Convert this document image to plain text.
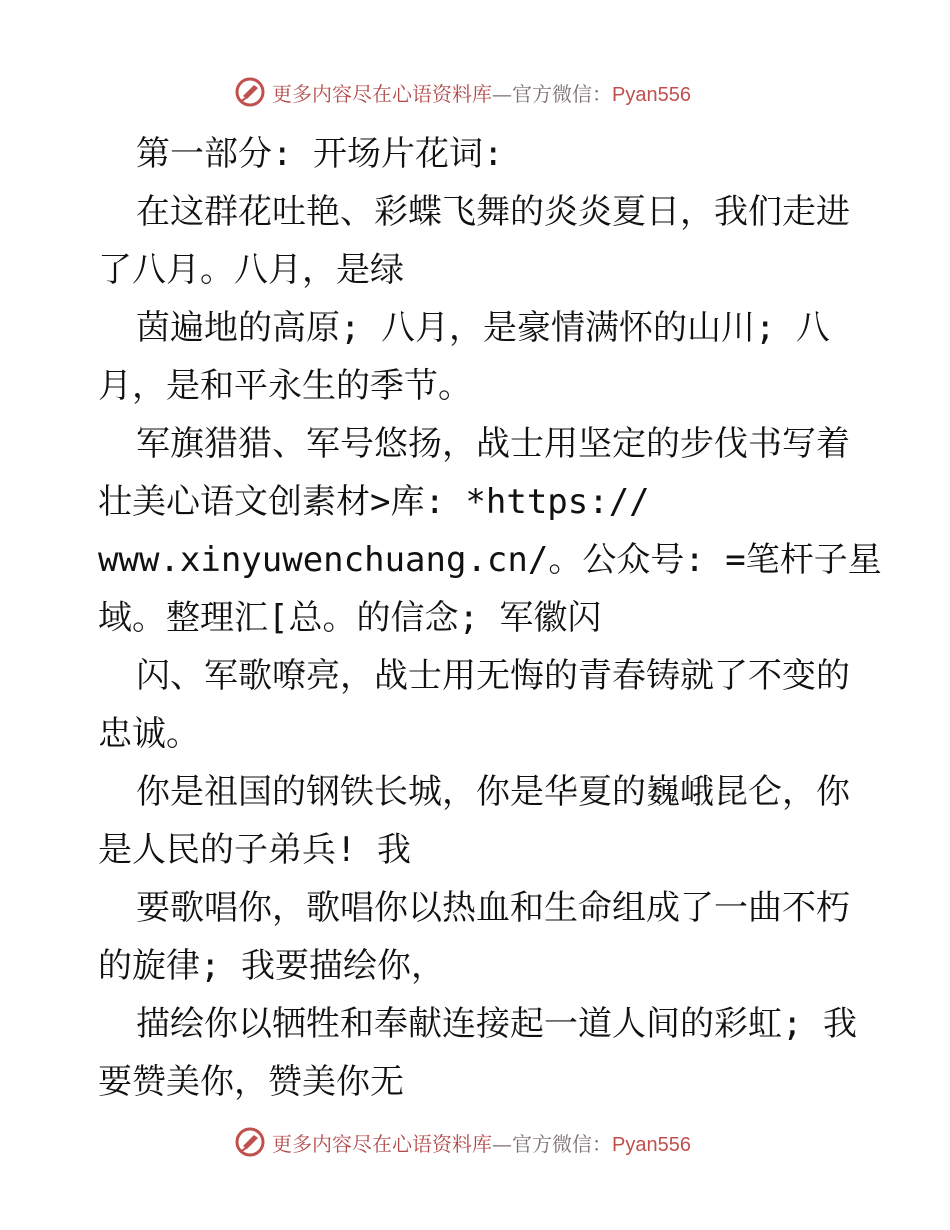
更多内容尽在心语资料库—官方微信：Pyan556
第一部分: 开场片花词:
在这群花吐艳、彩蝶飞舞的炎炎夏日，我们走进
了八月。八月，是绿
茵遍地的高原; 八月，是豪情满怀的山川; 八
月，是和平永生的季节。
军旗猎猎、军号悠扬，战士用坚定的步伐书写着
壮美心语文创素材>库: *https://
www.xinyuwenchuang.cn/。公众号: =笔杆子星
域。整理汇[总。的信念; 军徽闪
闪、军歌嘹亮，战士用无悔的青春铸就了不变的
忠诚。
你是祖国的钢铁长城，你是华夏的巍峨昆仑，你
是人民的子弟兵! 我
要歌唱你，歌唱你以热血和生命组成了一曲不朽
的旋律; 我要描绘你，
描绘你以牺牲和奉献连接起一道人间的彩虹; 我
要赞美你，赞美你无
更多内容尽在心语资料库—官方微信：Pyan556
